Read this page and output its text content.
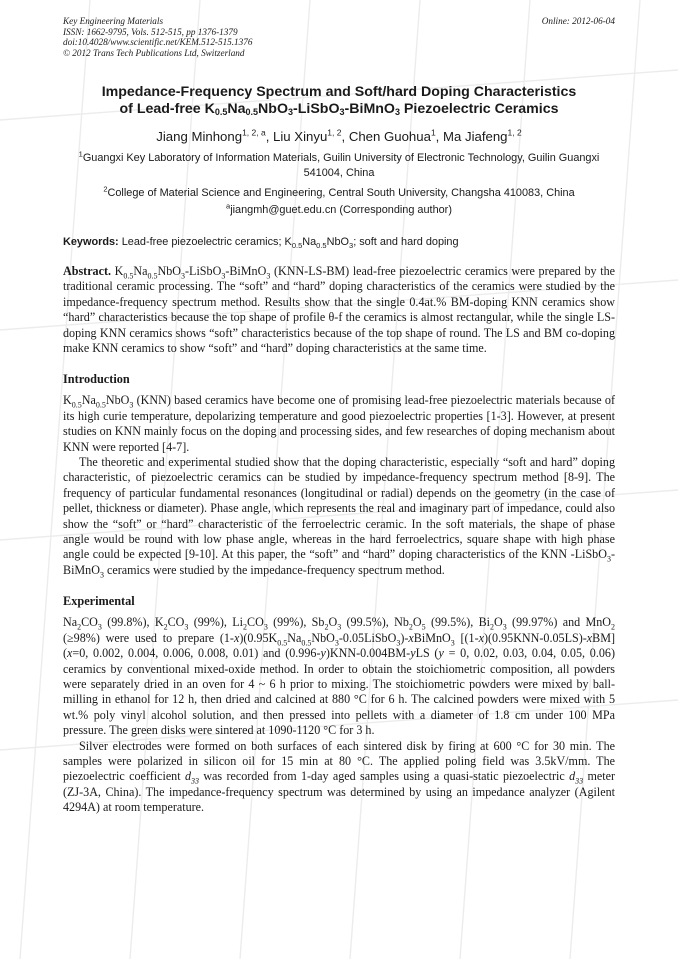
Key Engineering Materials
ISSN: 1662-9795, Vols. 512-515, pp 1376-1379
doi:10.4028/www.scientific.net/KEM.512-515.1376
© 2012 Trans Tech Publications Ltd, Switzerland
Online: 2012-06-04
Impedance-Frequency Spectrum and Soft/hard Doping Characteristics
of Lead-free $K_{0.5}Na_{0.5}NbO_3-LiSbO_3-BiMnO_3$ Piezoelectric Ceramics
Jiang Minhong$^{1, 2, a}$, Liu Xinyu$^{1, 2}$, Chen Guohua$^1$, Ma Jiafeng$^{1, 2}$
$^1$Guangxi Key Laboratory of Information Materials, Guilin University of Electronic Technology, Guilin Guangxi 541004, China
$^2$College of Material Science and Engineering, Central South University, Changsha 410083, China
$^a$jiangmh@guet.edu.cn (Corresponding author)
Keywords: Lead-free piezoelectric ceramics; $K_{0.5}Na_{0.5}NbO_3$; soft and hard doping

Abstract. $K_{0.5}Na_{0.5}NbO_3-LiSbO_3-BiMnO_3$ (KNN-LS-BM) lead-free piezoelectric ceramics were prepared by the traditional ceramic processing. The “soft” and “hard” doping characteristics of the ceramics were studied by the impedance-frequency spectrum method. Results show that the single 0.4at.% BM-doping KNN ceramics show “hard” characteristics because the top shape of profile θ-f the ceramics is almost rectangular, while the single LS-doping KNN ceramics shows “soft” characteristics because of the top shape of round. The LS and BM co-doping make KNN ceramics to show “soft” and “hard” doping characteristics at the same time.

Introduction

$K_{0.5}Na_{0.5}NbO_3$ (KNN) based ceramics have become one of promising lead-free piezoelectric materials because of its high curie temperature, depolarizing temperature and good piezoelectric properties [1-3]. However, at present studies on KNN mainly focus on the doping and processing sides, and few researches of doping mechanism about KNN were reported [4-7].

The theoretic and experimental studied show that the doping characteristic, especially “soft and hard” doping characteristic, of piezoelectric ceramics can be studied by impedance-frequency spectrum method [8-9]. The frequency of particular fundamental resonances (longitudinal or radial) depends on the geometry (in the case of pellet, thickness or diameter). Phase angle, which represents the real and imaginary part of impedance, could also show the “soft” or “hard” characteristic of the ferroelectric ceramic. In the soft materials, the shape of phase angle would be round with low phase angle, whereas in the hard ferroelectrics, square shape with high phase angle could be expected [9-10]. At this paper, the “soft” and “hard” doping characteristics of the KNN -LiSbO$_3$-BiMnO$_3$ ceramics were studied by the impedance-frequency spectrum method.

Experimental

$Na_2CO_3$ (99.8%), $K_2CO_3$ (99%), $Li_2CO_3$ (99%), $Sb_2O_3$ (99.5%), $Nb_2O_5$ (99.5%), $Bi_2O_3$ (99.97%) and MnO$_2$ (≥98%) were used to prepare $(1-x)(0.95K_{0.5}Na_{0.5}NbO_3-0.05LiSbO_3)-xBiMnO_3$ [(1-x)(0.95KNN-0.05LS)-xBM] (x=0, 0.002, 0.004, 0.006, 0.008, 0.01) and (0.996-y)KNN-0.004BM-yLS (y = 0, 0.02, 0.03, 0.04, 0.05, 0.06) ceramics by conventional mixed-oxide method. In order to obtain the stoichiometric composition, all powders were separately dried in an oven for 4 ~ 6 h prior to mixing. The stoichiometric powders were mixed by ball-milling in ethanol for 12 h, then dried and calcined at 880 °C for 6 h. The calcined powders were mixed with 5 wt.% poly vinyl alcohol solution, and then pressed into pellets with a diameter of 1.8 cm under 100 MPa pressure. The green disks were sintered at 1090-1120 °C for 3 h.

Silver electrodes were formed on both surfaces of each sintered disk by firing at 600 °C for 30 min. The samples were polarized in silicon oil for 15 min at 80 °C. The applied poling field was 3.5kV/mm. The piezoelectric coefficient $d_{33}$ was recorded from 1-day aged samples using a quasi-static piezoelectric $d_{33}$ meter (ZJ-3A, China). The impedance-frequency spectrum was determined by using an impedance analyzer (Agilent 4294A) at room temperature.
